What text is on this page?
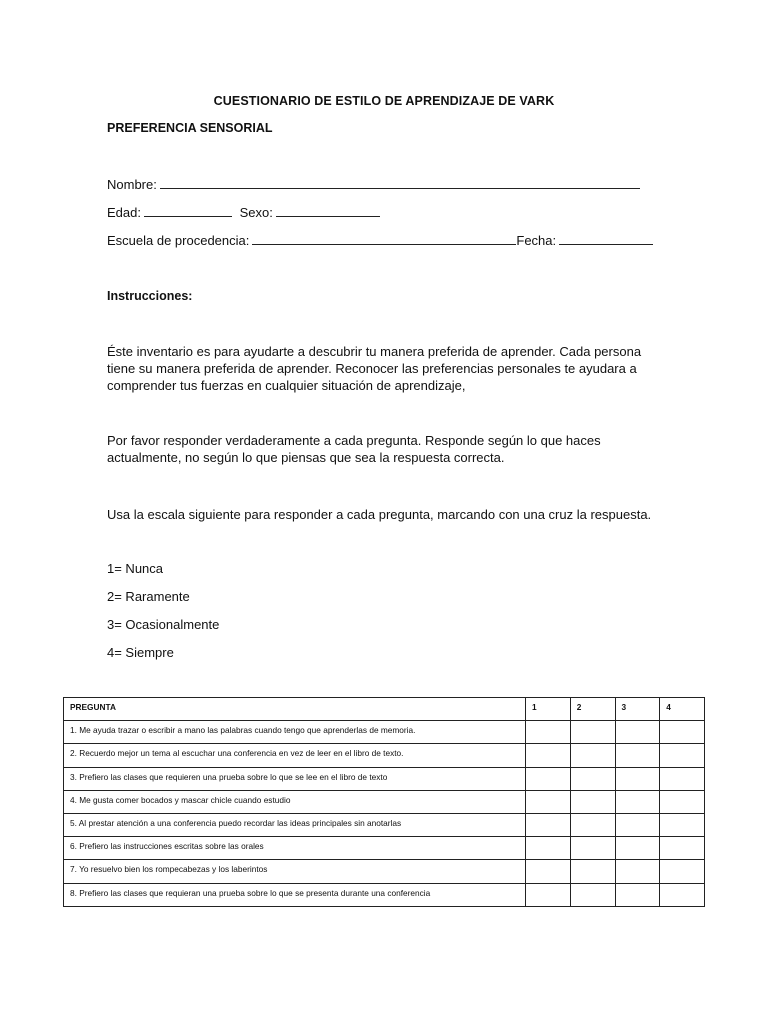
CUESTIONARIO DE ESTILO DE APRENDIZAJE DE VARK
PREFERENCIA SENSORIAL
Nombre:
Edad:	Sexo:
Escuela de procedencia:	Fecha:
Instrucciones:
Éste inventario es para ayudarte a descubrir tu manera preferida de aprender. Cada persona tiene su manera preferida de aprender. Reconocer las preferencias personales te ayudara a comprender tus fuerzas en cualquier situación de aprendizaje,
Por favor responder verdaderamente a cada pregunta. Responde según lo que haces actualmente, no según lo que piensas que sea la respuesta correcta.
Usa la escala siguiente para responder a cada pregunta, marcando con una cruz la respuesta.
1= Nunca
2= Raramente
3= Ocasionalmente
4= Siempre
PREGUNTA	1	2	3	4
1. Me ayuda trazar o escribir a mano las palabras cuando tengo que aprenderlas de memoria.				
2. Recuerdo mejor un tema al escuchar una conferencia en vez de leer en el libro de texto.				
3. Prefiero las clases que requieren una prueba sobre lo que se lee en el libro de texto				
4. Me gusta comer bocados y mascar chicle cuando estudio				
5. Al prestar atención a una conferencia puedo recordar las ideas principales sin anotarlas				
6. Prefiero las instrucciones escritas sobre las orales				
7. Yo resuelvo bien los rompecabezas y los laberintos				
8. Prefiero las clases que requieran una prueba sobre lo que se presenta durante una conferencia				
